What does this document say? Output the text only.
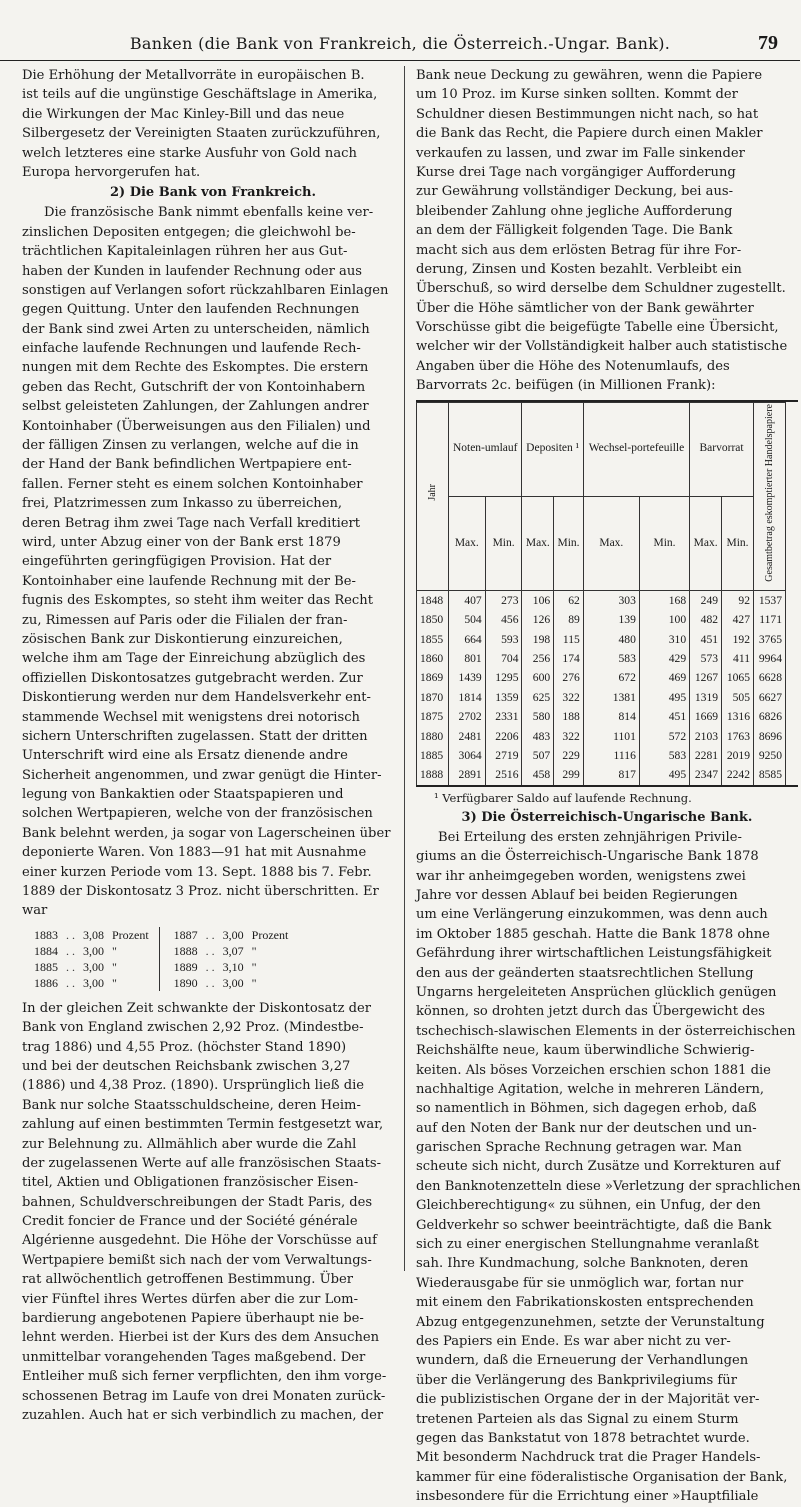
Banken (die Bank von Frankreich, die Österreich.-Ungar. Bank).	79
Die Erhöhung der Metallvorräte in europäischen B.
ist teils auf die ungünstige Geschäftslage in Amerika,
die Wirkungen der Mac Kinley-Bill und das neue
Silbergesetz der Vereinigten Staaten zurückzuführen,
welch letzteres eine starke Ausfuhr von Gold nach
Europa hervorgerufen hat.
2) Die Bank von Frankreich.
Die französische Bank nimmt ebenfalls keine ver-
zinslichen Depositen entgegen; die gleichwohl be-
trächtlichen Kapitaleinlagen rühren her aus Gut-
haben der Kunden in laufender Rechnung oder aus
sonstigen auf Verlangen sofort rückzahlbaren Einlagen
gegen Quittung. Unter den laufenden Rechnungen
der Bank sind zwei Arten zu unterscheiden, nämlich
einfache laufende Rechnungen und laufende Rech-
nungen mit dem Rechte des Eskomptes. Die erstern
geben das Recht, Gutschrift der von Kontoinhabern
selbst geleisteten Zahlungen, der Zahlungen andrer
Kontoinhaber (Überweisungen aus den Filialen) und
der fälligen Zinsen zu verlangen, welche auf die in
der Hand der Bank befindlichen Wertpapiere ent-
fallen. Ferner steht es einem solchen Kontoinhaber
frei, Platzrimessen zum Inkasso zu überreichen,
deren Betrag ihm zwei Tage nach Verfall kreditiert
wird, unter Abzug einer von der Bank erst 1879
eingeführten geringfügigen Provision. Hat der
Kontoinhaber eine laufende Rechnung mit der Be-
fugnis des Eskomptes, so steht ihm weiter das Recht
zu, Rimessen auf Paris oder die Filialen der fran-
zösischen Bank zur Diskontierung einzureichen,
welche ihm am Tage der Einreichung abzüglich des
offiziellen Diskontosatzes gutgebracht werden. Zur
Diskontierung werden nur dem Handelsverkehr ent-
stammende Wechsel mit wenigstens drei notorisch
sichern Unterschriften zugelassen. Statt der dritten
Unterschrift wird eine als Ersatz dienende andre
Sicherheit angenommen, und zwar genügt die Hinter-
legung von Bankaktien oder Staatspapieren und
solchen Wertpapieren, welche von der französischen
Bank belehnt werden, ja sogar von Lagerscheinen über
deponierte Waren. Von 1883—91 hat mit Ausnahme
einer kurzen Periode vom 13. Sept. 1888 bis 7. Febr.
1889 der Diskontosatz 3 Proz. nicht überschritten. Er
war
1883	. .	3,08	Prozent	1887	. .	3,00	Prozent
1884	. .	3,00	"	1888	. .	3,07	"
1885	. .	3,00	"	1889	. .	3,10	"
1886	. .	3,00	"	1890	. .	3,00	"
In der gleichen Zeit schwankte der Diskontosatz der
Bank von England zwischen 2,92 Proz. (Mindestbe-
trag 1886) und 4,55 Proz. (höchster Stand 1890)
und bei der deutschen Reichsbank zwischen 3,27
(1886) und 4,38 Proz. (1890). Ursprünglich ließ die
Bank nur solche Staatsschuldscheine, deren Heim-
zahlung auf einen bestimmten Termin festgesetzt war,
zur Belehnung zu. Allmählich aber wurde die Zahl
der zugelassenen Werte auf alle französischen Staats-
titel, Aktien und Obligationen französischer Eisen-
bahnen, Schuldverschreibungen der Stadt Paris, des
Credit foncier de France und der Société générale
Algérienne ausgedehnt. Die Höhe der Vorschüsse auf
Wertpapiere bemißt sich nach der vom Verwaltungs-
rat allwöchentlich getroffenen Bestimmung. Über
vier Fünftel ihres Wertes dürfen aber die zur Lom-
bardierung angebotenen Papiere überhaupt nie be-
lehnt werden. Hierbei ist der Kurs des dem Ansuchen
unmittelbar vorangehenden Tages maßgebend. Der
Entleiher muß sich ferner verpflichten, den ihm vorge-
schossenen Betrag im Laufe von drei Monaten zurück-
zuzahlen. Auch hat er sich verbindlich zu machen, der
Bank neue Deckung zu gewähren, wenn die Papiere
um 10 Proz. im Kurse sinken sollten. Kommt der
Schuldner diesen Bestimmungen nicht nach, so hat
die Bank das Recht, die Papiere durch einen Makler
verkaufen zu lassen, und zwar im Falle sinkender
Kurse drei Tage nach vorgängiger Aufforderung
zur Gewährung vollständiger Deckung, bei aus-
bleibender Zahlung ohne jegliche Aufforderung
an dem der Fälligkeit folgenden Tage. Die Bank
macht sich aus dem erlösten Betrag für ihre For-
derung, Zinsen und Kosten bezahlt. Verbleibt ein
Überschuß, so wird derselbe dem Schuldner zugestellt.
Über die Höhe sämtlicher von der Bank gewährter
Vorschüsse gibt die beigefügte Tabelle eine Übersicht,
welcher wir der Vollständigkeit halber auch statistische
Angaben über die Höhe des Notenumlaufs, des
Barvorrats 2c. beifügen (in Millionen Frank):
Jahr	Noten-umlauf		Depositen ¹		Wechsel-portefeuille		Barvorrat		Gesamtbetrag eskomptierter Handelspapiere
	Max.	Min.	Max.	Min.	Max.	Min.	Max.	Min.	
1848	407	273	106	62	303	168	249	92	1537
1850	504	456	126	89	139	100	482	427	1171
1855	664	593	198	115	480	310	451	192	3765
1860	801	704	256	174	583	429	573	411	9964
1869	1439	1295	600	276	672	469	1267	1065	6628
1870	1814	1359	625	322	1381	495	1319	505	6627
1875	2702	2331	580	188	814	451	1669	1316	6826
1880	2481	2206	483	322	1101	572	2103	1763	8696
1885	3064	2719	507	229	1116	583	2281	2019	9250
1888	2891	2516	458	299	817	495	2347	2242	8585
¹ Verfügbarer Saldo auf laufende Rechnung.
3) Die Österreichisch-Ungarische Bank.
Bei Erteilung des ersten zehnjährigen Privile-
giums an die Österreichisch-Ungarische Bank 1878
war ihr anheimgegeben worden, wenigstens zwei
Jahre vor dessen Ablauf bei beiden Regierungen
um eine Verlängerung einzukommen, was denn auch
im Oktober 1885 geschah. Hatte die Bank 1878 ohne
Gefährdung ihrer wirtschaftlichen Leistungsfähigkeit
den aus der geänderten staatsrechtlichen Stellung
Ungarns hergeleiteten Ansprüchen glücklich genügen
können, so drohten jetzt durch das Übergewicht des
tschechisch-slawischen Elements in der österreichischen
Reichshälfte neue, kaum überwindliche Schwierig-
keiten. Als böses Vorzeichen erschien schon 1881 die
nachhaltige Agitation, welche in mehreren Ländern,
so namentlich in Böhmen, sich dagegen erhob, daß
auf den Noten der Bank nur der deutschen und un-
garischen Sprache Rechnung getragen war. Man
scheute sich nicht, durch Zusätze und Korrekturen auf
den Banknotenzetteln diese »Verletzung der sprachlichen
Gleichberechtigung« zu sühnen, ein Unfug, der den
Geldverkehr so schwer beeinträchtigte, daß die Bank
sich zu einer energischen Stellungnahme veranlaßt
sah. Ihre Kundmachung, solche Banknoten, deren
Wiederausgabe für sie unmöglich war, fortan nur
mit einem den Fabrikationskosten entsprechenden
Abzug entgegenzunehmen, setzte der Verunstaltung
des Papiers ein Ende. Es war aber nicht zu ver-
wundern, daß die Erneuerung der Verhandlungen
über die Verlängerung des Bankprivilegiums für
die publizistischen Organe der in der Majorität ver-
tretenen Parteien als das Signal zu einem Sturm
gegen das Bankstatut von 1878 betrachtet wurde.
Mit besonderm Nachdruck trat die Prager Handels-
kammer für eine föderalistische Organisation der Bank,
insbesondere für die Errichtung einer »Hauptfiliale
